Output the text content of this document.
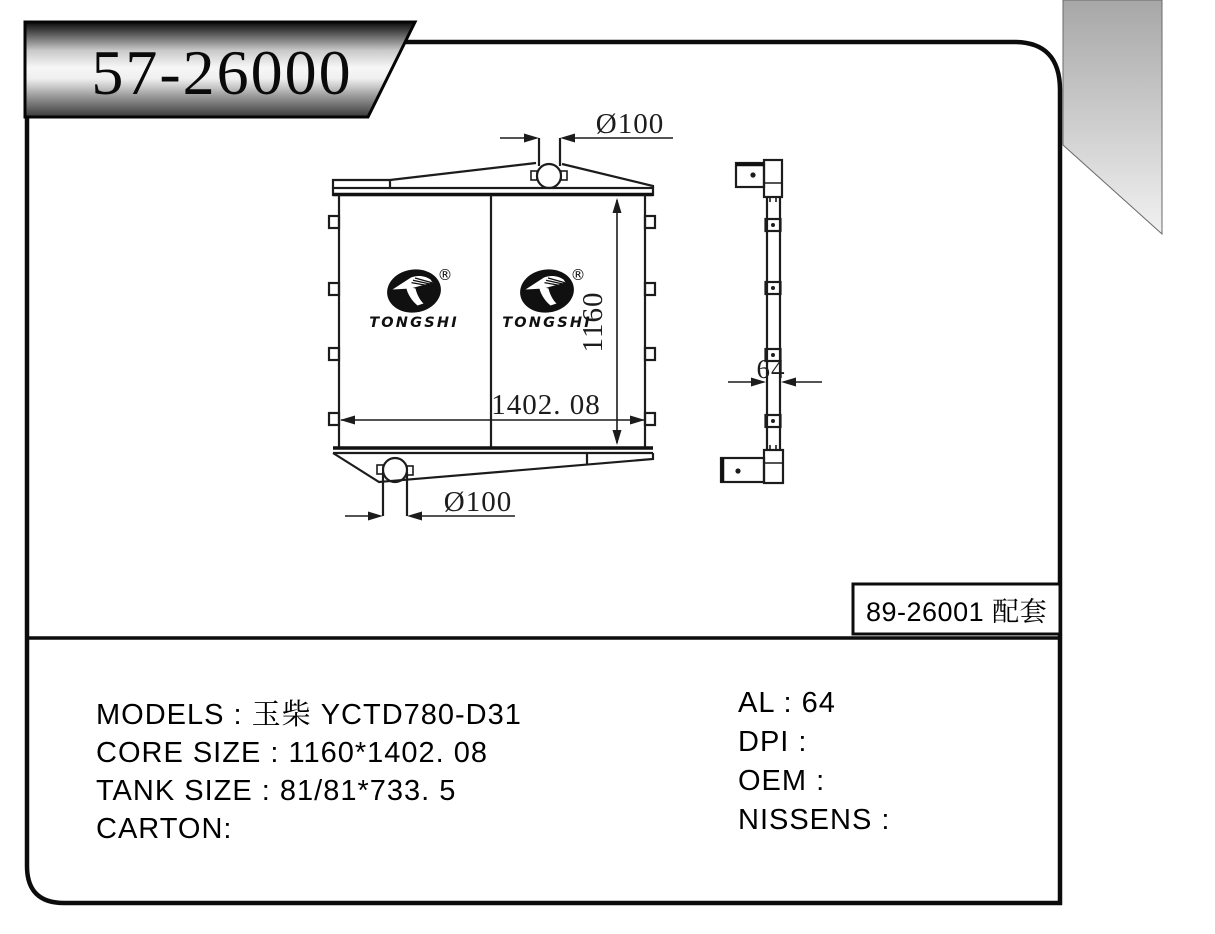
57-26000
Ø100
1160
1402. 08
Ø100
®
TONGSHI
®
TONGSHI
64
89-26001 配套
MODELS : 玉柴 YCTD780-D31
CORE SIZE : 1160*1402. 08
TANK SIZE : 81/81*733. 5
CARTON:
AL : 64
DPI :
OEM :
NISSENS :
